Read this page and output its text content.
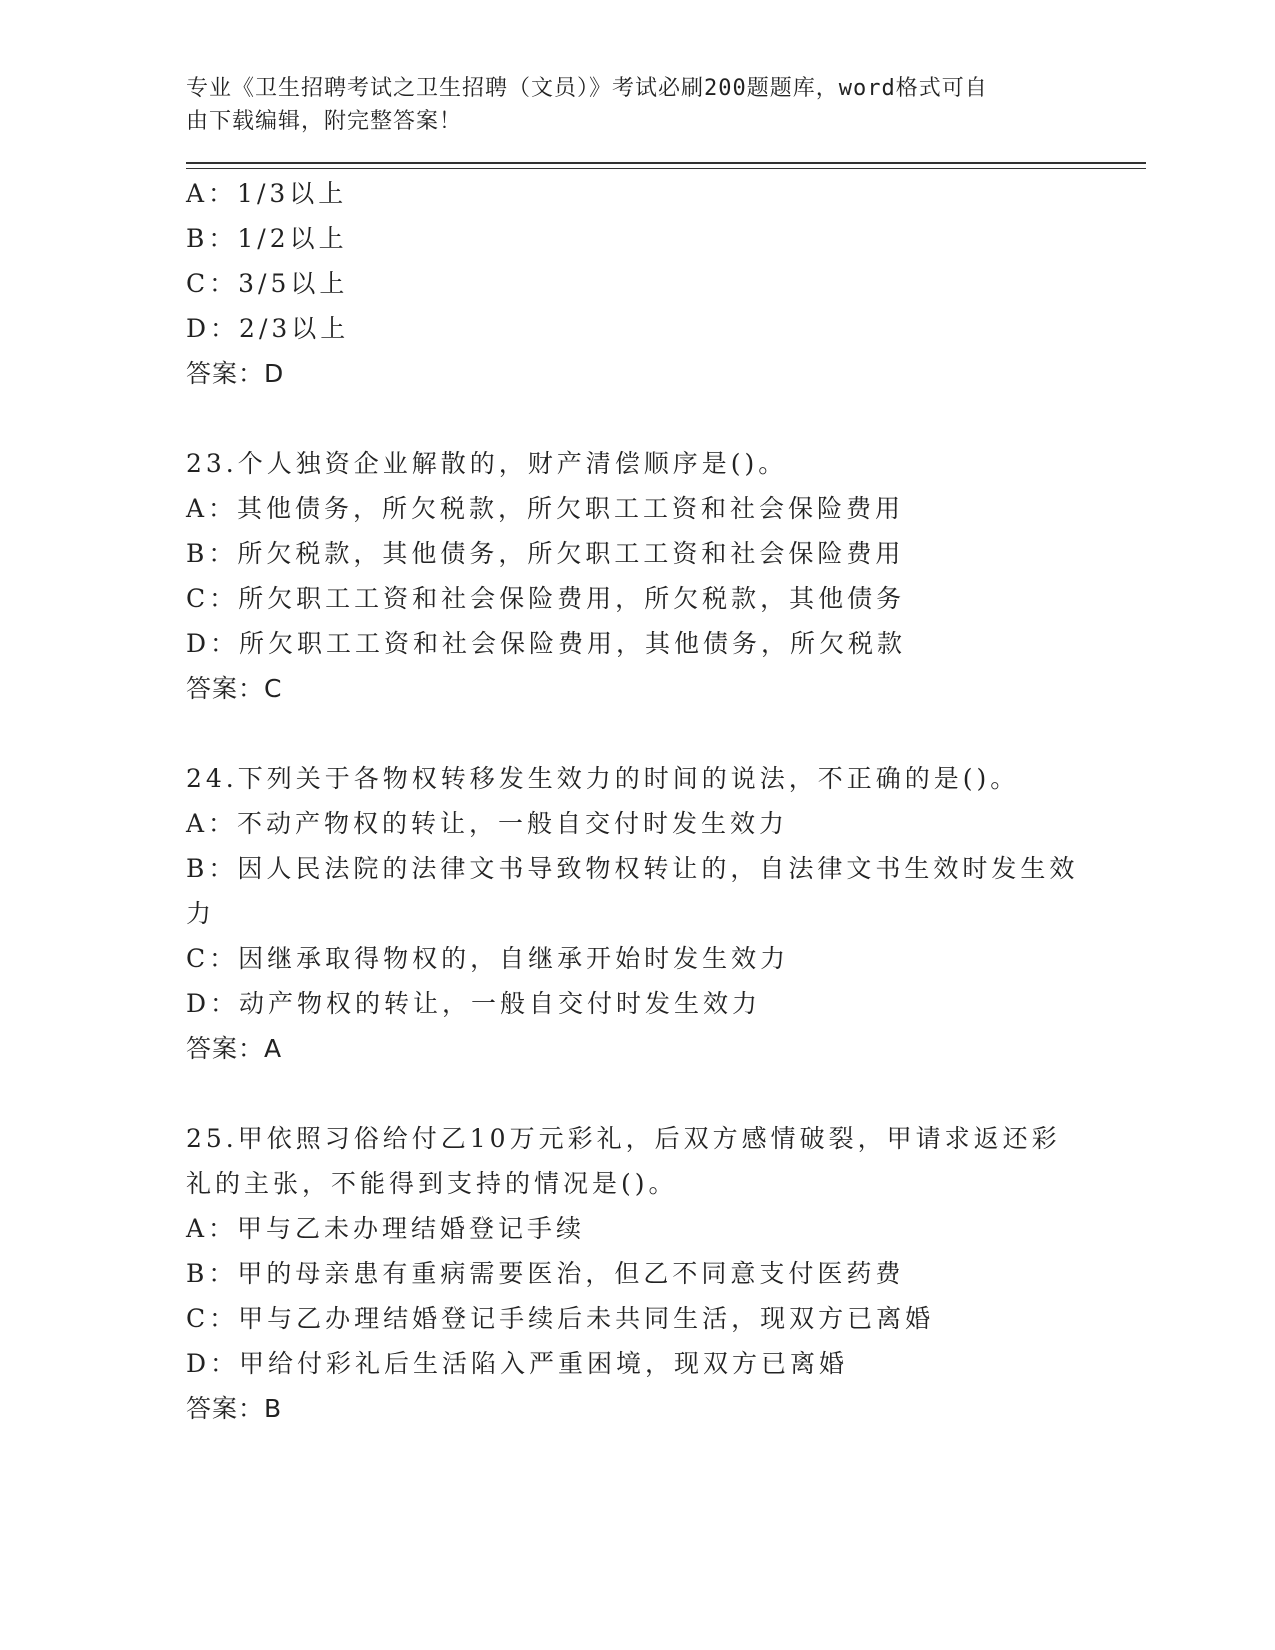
专业《卫生招聘考试之卫生招聘（文员）》考试必刷200题题库，word格式可自
由下载编辑，附完整答案！
A：1/3以上
B：1/2以上
C：3/5以上
D：2/3以上
答案：D
23.个人独资企业解散的，财产清偿顺序是()。
A：其他债务，所欠税款，所欠职工工资和社会保险费用
B：所欠税款，其他债务，所欠职工工资和社会保险费用
C：所欠职工工资和社会保险费用，所欠税款，其他债务
D：所欠职工工资和社会保险费用，其他债务，所欠税款
答案：C
24.下列关于各物权转移发生效力的时间的说法，不正确的是()。
A：不动产物权的转让，一般自交付时发生效力
B：因人民法院的法律文书导致物权转让的，自法律文书生效时发生效
力
C：因继承取得物权的，自继承开始时发生效力
D：动产物权的转让，一般自交付时发生效力
答案：A
25.甲依照习俗给付乙10万元彩礼，后双方感情破裂，甲请求返还彩
礼的主张，不能得到支持的情况是()。
A：甲与乙未办理结婚登记手续
B：甲的母亲患有重病需要医治，但乙不同意支付医药费
C：甲与乙办理结婚登记手续后未共同生活，现双方已离婚
D：甲给付彩礼后生活陷入严重困境，现双方已离婚
答案：B
